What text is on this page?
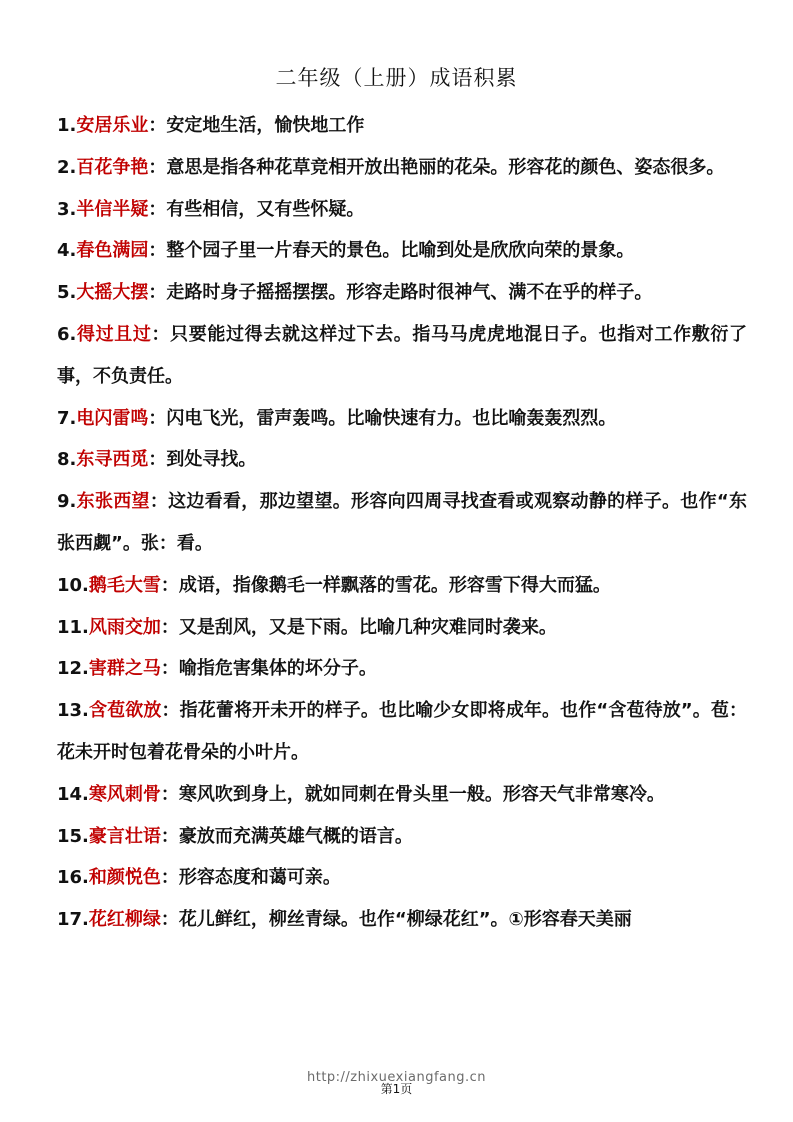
二年级（上册）成语积累
1.安居乐业：安定地生活，愉快地工作
2.百花争艳：意思是指各种花草竞相开放出艳丽的花朵。形容花的颜色、姿态很多。
3.半信半疑：有些相信，又有些怀疑。
4.春色满园：整个园子里一片春天的景色。比喻到处是欣欣向荣的景象。
5.大摇大摆：走路时身子摇摇摆摆。形容走路时很神气、满不在乎的样子。
6.得过且过：只要能过得去就这样过下去。指马马虎虎地混日子。也指对工作敷衍了事，不负责任。
7.电闪雷鸣：闪电飞光，雷声轰鸣。比喻快速有力。也比喻轰轰烈烈。
8.东寻西觅：到处寻找。
9.东张西望：这边看看，那边望望。形容向四周寻找查看或观察动静的样子。也作“东张西觑”。张：看。
10.鹅毛大雪：成语，指像鹅毛一样飘落的雪花。形容雪下得大而猛。
11.风雨交加：又是刮风，又是下雨。比喻几种灾难同时袭来。
12.害群之马：喻指危害集体的坏分子。
13.含苞欲放：指花蕾将开未开的样子。也比喻少女即将成年。也作“含苞待放”。苞：花未开时包着花骨朵的小叶片。
14.寒风刺骨：寒风吹到身上，就如同刺在骨头里一般。形容天气非常寒冷。
15.豪言壮语：豪放而充满英雄气概的语言。
16.和颜悦色：形容态度和蔼可亲。
17.花红柳绿：花儿鲜红，柳丝青绿。也作“柳绿花红”。①形容春天美丽
http://zhixuexiangfang.cn
第1页
